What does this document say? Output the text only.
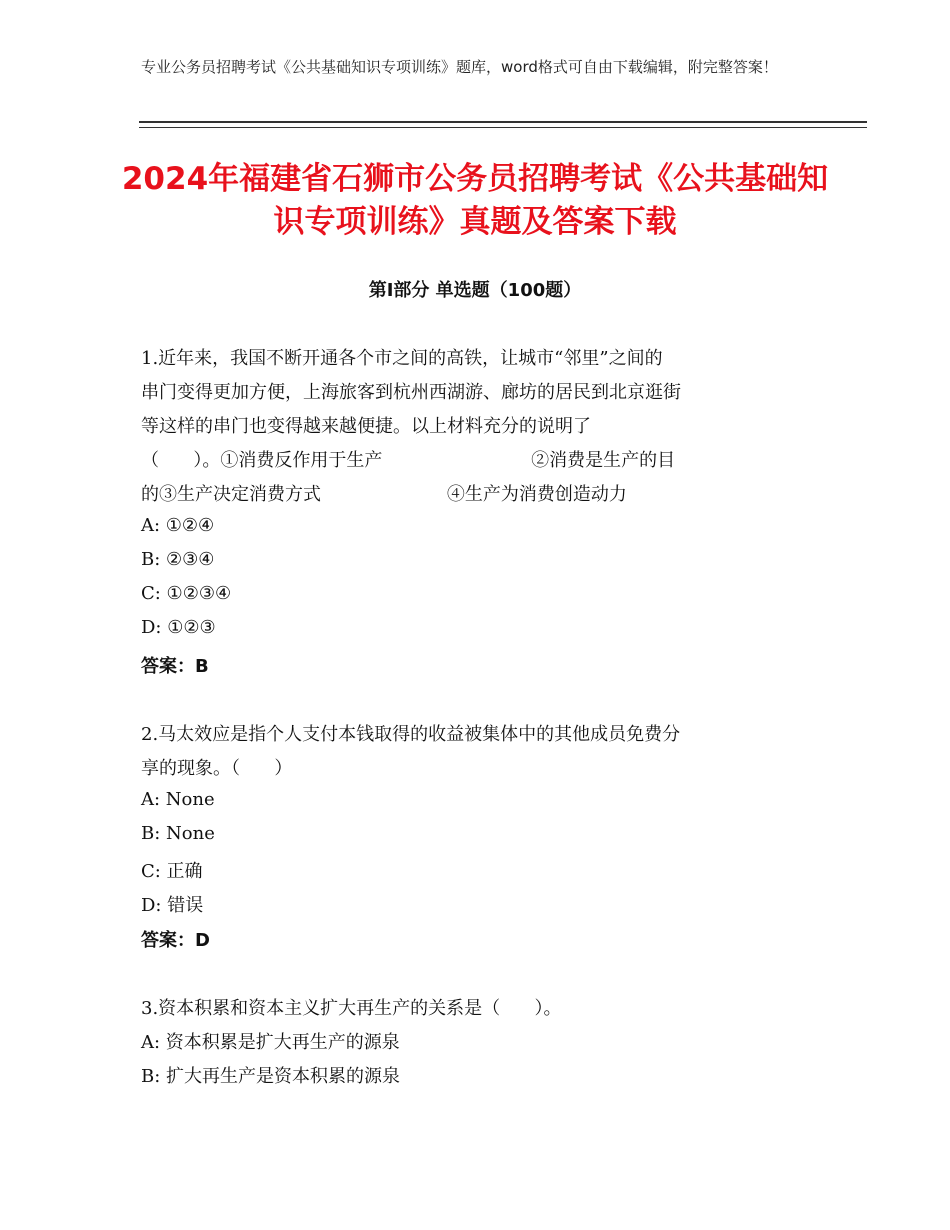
专业公务员招聘考试《公共基础知识专项训练》题库，word格式可自由下载编辑，附完整答案！
2024年福建省石狮市公务员招聘考试《公共基础知识专项训练》真题及答案下载
第Ⅰ部分 单选题（100题）
1.近年来，我国不断开通各个市之间的高铁，让城市“邻里”之间的
串门变得更加方便，上海旅客到杭州西湖游、廊坊的居民到北京逛街
等这样的串门也变得越来越便捷。以上材料充分的说明了
（      ）。①消费反作用于生产                          ②消费是生产的目
的③生产决定消费方式                      ④生产为消费创造动力
A: ①②④
B: ②③④
C: ①②③④
D: ①②③
答案：B
2.马太效应是指个人支付本钱取得的收益被集体中的其他成员免费分
享的现象。（      ）
A: None
B: None
C: 正确
D: 错误
答案：D
3.资本积累和资本主义扩大再生产的关系是（      ）。
A: 资本积累是扩大再生产的源泉
B: 扩大再生产是资本积累的源泉
